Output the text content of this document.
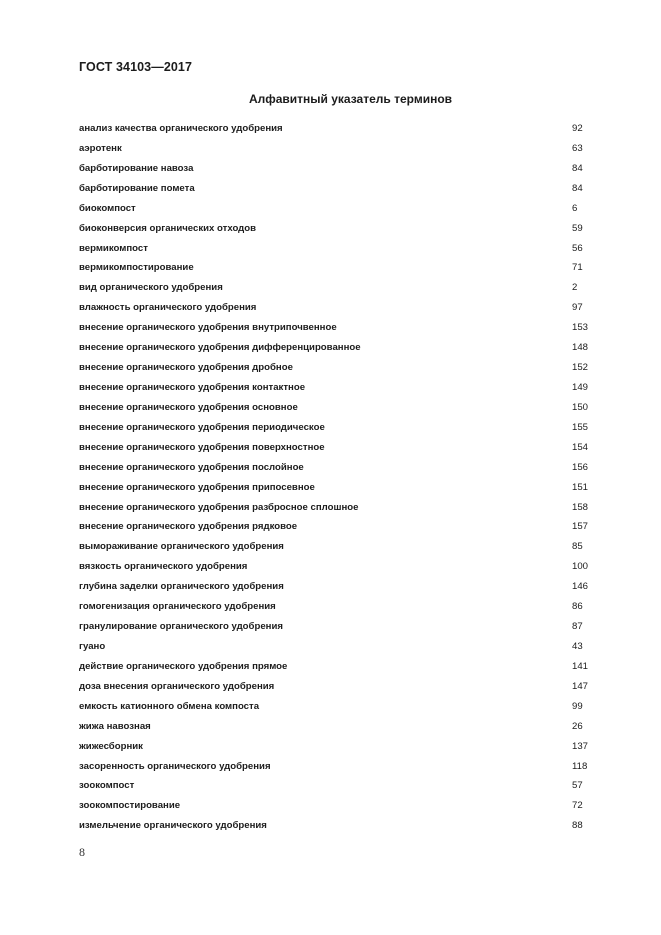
ГОСТ 34103—2017
Алфавитный указатель терминов
анализ качества органического удобрения	92
аэротенк	63
барботирование навоза	84
барботирование помета	84
биокомпост	6
биоконверсия органических отходов	59
вермикомпост	56
вермикомпостирование	71
вид органического удобрения	2
влажность органического удобрения	97
внесение органического удобрения внутрипочвенное	153
внесение органического удобрения дифференцированное	148
внесение органического удобрения дробное	152
внесение органического удобрения контактное	149
внесение органического удобрения основное	150
внесение органического удобрения периодическое	155
внесение органического удобрения поверхностное	154
внесение органического удобрения послойное	156
внесение органического удобрения припосевное	151
внесение органического удобрения разбросное сплошное	158
внесение органического удобрения рядковое	157
вымораживание органического удобрения	85
вязкость органического удобрения	100
глубина заделки органического удобрения	146
гомогенизация органического удобрения	86
гранулирование органического удобрения	87
гуано	43
действие органического удобрения прямое	141
доза внесения органического удобрения	147
емкость катионного обмена компоста	99
жижа навозная	26
жижесборник	137
засоренность органического удобрения	118
зоокомпост	57
зоокомпостирование	72
измельчение органического удобрения	88
8
